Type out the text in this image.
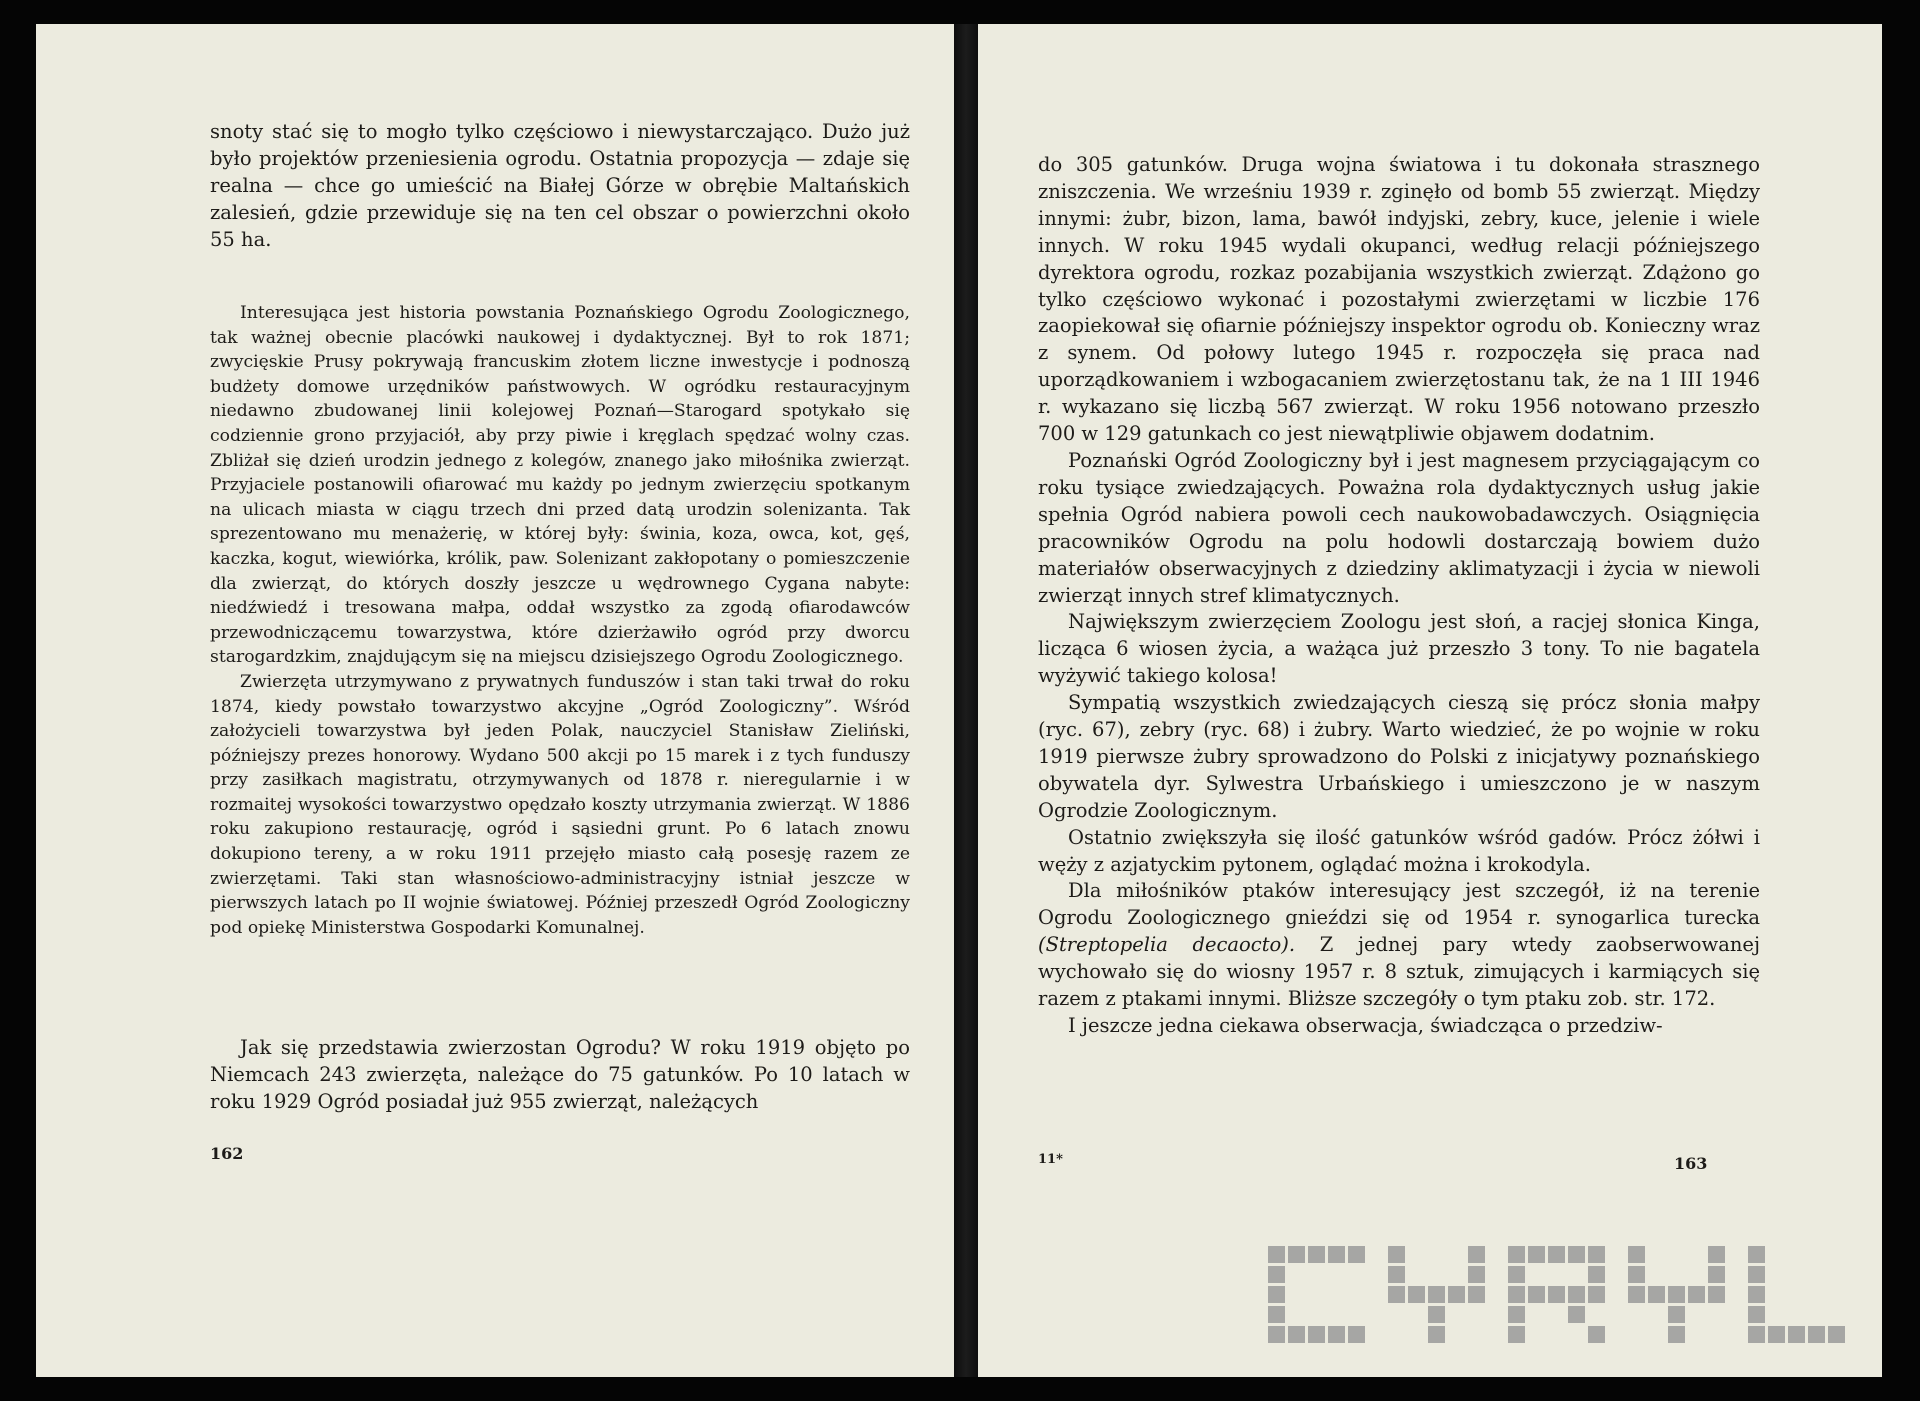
snoty stać się to mogło tylko częściowo i niewystarczająco. Dużo już było projektów przeniesienia ogrodu. Ostatnia propozycja — zdaje się realna — chce go umieścić na Białej Górze w obrębie Maltańskich zalesień, gdzie przewiduje się na ten cel obszar o powierzchni około 55 ha.

Interesująca jest historia powstania Poznańskiego Ogrodu Zoologicznego, tak ważnej obecnie placówki naukowej i dydaktycznej. Był to rok 1871; zwycięskie Prusy pokrywają francuskim złotem liczne inwestycje i podnoszą budżety domowe urzędników państwowych. W ogródku restauracyjnym niedawno zbudowanej linii kolejowej Poznań—Starogard spotykało się codziennie grono przyjaciół, aby przy piwie i kręglach spędzać wolny czas. Zbliżał się dzień urodzin jednego z kolegów, znanego jako miłośnika zwierząt. Przyjaciele postanowili ofiarować mu każdy po jednym zwierzęciu spotkanym na ulicach miasta w ciągu trzech dni przed datą urodzin solenizanta. Tak sprezentowano mu menażerię, w której były: świnia, koza, owca, kot, gęś, kaczka, kogut, wiewiórka, królik, paw. Solenizant zakłopotany o pomieszczenie dla zwierząt, do których doszły jeszcze u wędrownego Cygana nabyte: niedźwiedź i tresowana małpa, oddał wszystko za zgodą ofiarodawców przewodniczącemu towarzystwa, które dzierżawiło ogród przy dworcu starogardzkim, znajdującym się na miejscu dzisiejszego Ogrodu Zoologicznego.

Zwierzęta utrzymywano z prywatnych funduszów i stan taki trwał do roku 1874, kiedy powstało towarzystwo akcyjne „Ogród Zoologiczny”. Wśród założycieli towarzystwa był jeden Polak, nauczyciel Stanisław Zieliński, późniejszy prezes honorowy. Wydano 500 akcji po 15 marek i z tych funduszy przy zasiłkach magistratu, otrzymywanych od 1878 r. nieregularnie i w rozmaitej wysokości towarzystwo opędzało koszty utrzymania zwierząt. W 1886 roku zakupiono restaurację, ogród i sąsiedni grunt. Po 6 latach znowu dokupiono tereny, a w roku 1911 przejęło miasto całą posesję razem ze zwierzętami. Taki stan własnościowo-administracyjny istniał jeszcze w pierwszych latach po II wojnie światowej. Później przeszedł Ogród Zoologiczny pod opiekę Ministerstwa Gospodarki Komunalnej.

Jak się przedstawia zwierzostan Ogrodu? W roku 1919 objęto po Niemcach 243 zwierzęta, należące do 75 gatunków. Po 10 latach w roku 1929 Ogród posiadał już 955 zwierząt, należących

162

do 305 gatunków. Druga wojna światowa i tu dokonała strasznego zniszczenia. We wrześniu 1939 r. zginęło od bomb 55 zwierząt. Między innymi: żubr, bizon, lama, bawół indyjski, zebry, kuce, jelenie i wiele innych. W roku 1945 wydali okupanci, według relacji późniejszego dyrektora ogrodu, rozkaz pozabijania wszystkich zwierząt. Zdążono go tylko częściowo wykonać i pozostałymi zwierzętami w liczbie 176 zaopiekował się ofiarnie późniejszy inspektor ogrodu ob. Konieczny wraz z synem. Od połowy lutego 1945 r. rozpoczęła się praca nad uporządkowaniem i wzbogacaniem zwierzętostanu tak, że na 1 III 1946 r. wykazano się liczbą 567 zwierząt. W roku 1956 notowano przeszło 700 w 129 gatunkach co jest niewątpliwie objawem dodatnim.

Poznański Ogród Zoologiczny był i jest magnesem przyciągającym co roku tysiące zwiedzających. Poważna rola dydaktycznych usług jakie spełnia Ogród nabiera powoli cech naukowobadawczych. Osiągnięcia pracowników Ogrodu na polu hodowli dostarczają bowiem dużo materiałów obserwacyjnych z dziedziny aklimatyzacji i życia w niewoli zwierząt innych stref klimatycznych.

Największym zwierzęciem Zoologu jest słoń, a racjej słonica Kinga, licząca 6 wiosen życia, a ważąca już przeszło 3 tony. To nie bagatela wyżywić takiego kolosa!

Sympatią wszystkich zwiedzających cieszą się prócz słonia małpy (ryc. 67), zebry (ryc. 68) i żubry. Warto wiedzieć, że po wojnie w roku 1919 pierwsze żubry sprowadzono do Polski z inicjatywy poznańskiego obywatela dyr. Sylwestra Urbańskiego i umieszczono je w naszym Ogrodzie Zoologicznym.

Ostatnio zwiększyła się ilość gatunków wśród gadów. Prócz żółwi i węży z azjatyckim pytonem, oglądać można i krokodyla.

Dla miłośników ptaków interesujący jest szczegół, iż na terenie Ogrodu Zoologicznego gnieździ się od 1954 r. synogarlica turecka (Streptopelia decaocto). Z jednej pary wtedy zaobserwowanej wychowało się do wiosny 1957 r. 8 sztuk, zimujących i karmiących się razem z ptakami innymi. Bliższe szczegóły o tym ptaku zob. str. 172.

I jeszcze jedna ciekawa obserwacja, świadcząca o przedziw-

11*	163
